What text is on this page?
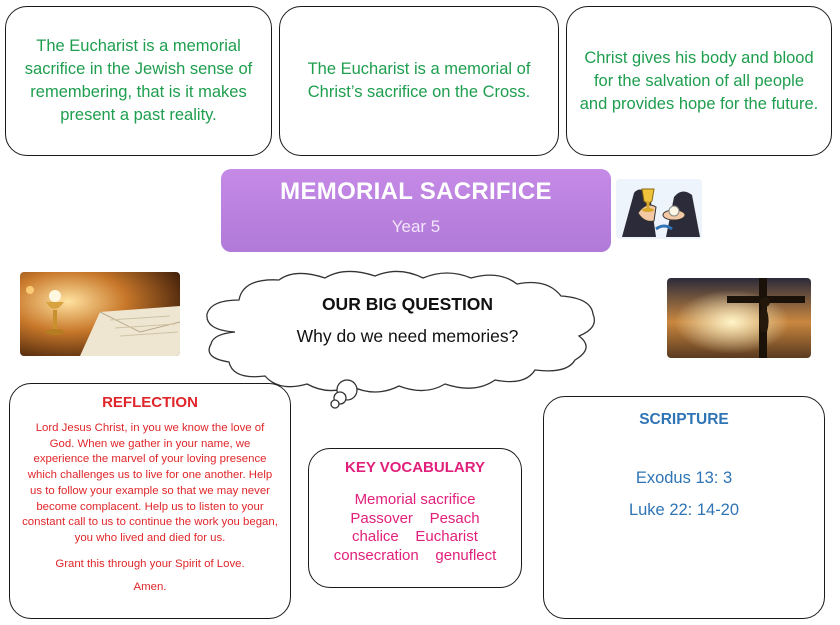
The Eucharist is a memorial sacrifice in the Jewish sense of remembering, that is it makes present a past reality.
The Eucharist is a memorial of Christ’s sacrifice on the Cross.
Christ gives his body and blood for the salvation of all people and provides hope for the future.
MEMORIAL SACRIFICE
Year 5
OUR BIG QUESTION
Why do we need memories?
REFLECTION
Lord Jesus Christ, in you we know the love of God. When we gather in your name, we experience the marvel of your loving presence which challenges us to live for one another. Help us to follow your example so that we may never become complacent. Help us to listen to your constant call to us to continue the work you began, you who lived and died for us.
Grant this through your Spirit of Love.
Amen.
KEY VOCABULARY
Memorial sacrifice
Passover    Pesach
chalice    Eucharist
consecration    genuflect
SCRIPTURE
Exodus 13: 3
Luke 22: 14-20
